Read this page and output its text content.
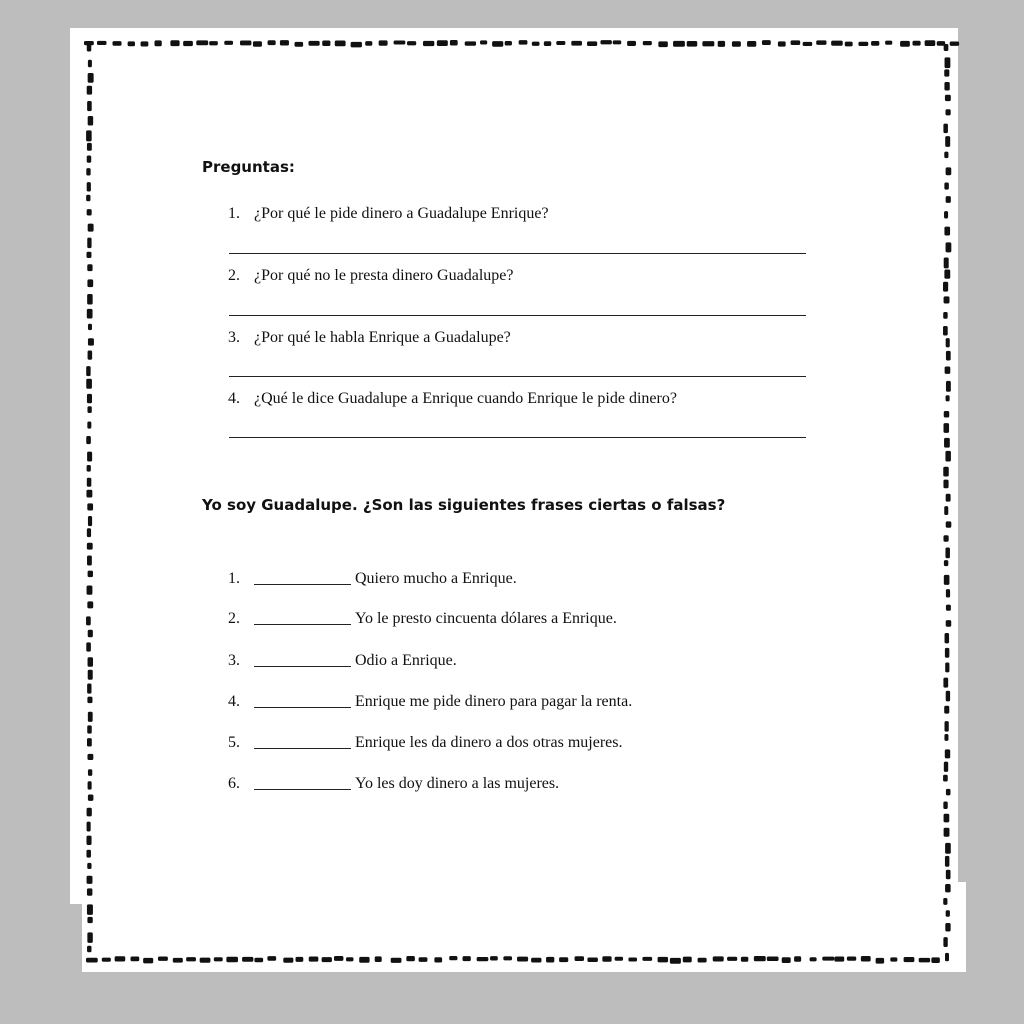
Preguntas:
1. ¿Por qué le pide dinero a Guadalupe Enrique?
2. ¿Por qué no le presta dinero Guadalupe?
3. ¿Por qué le habla Enrique a Guadalupe?
4. ¿Qué le dice Guadalupe a Enrique cuando Enrique le pide dinero?
Yo soy Guadalupe. ¿Son las siguientes frases ciertas o falsas?
1.	Quiero mucho a Enrique.
2.	Yo le presto cincuenta dólares a Enrique.
3.	Odio a Enrique.
4.	Enrique me pide dinero para pagar la renta.
5.	Enrique les da dinero a dos otras mujeres.
6.	Yo les doy dinero a las mujeres.
